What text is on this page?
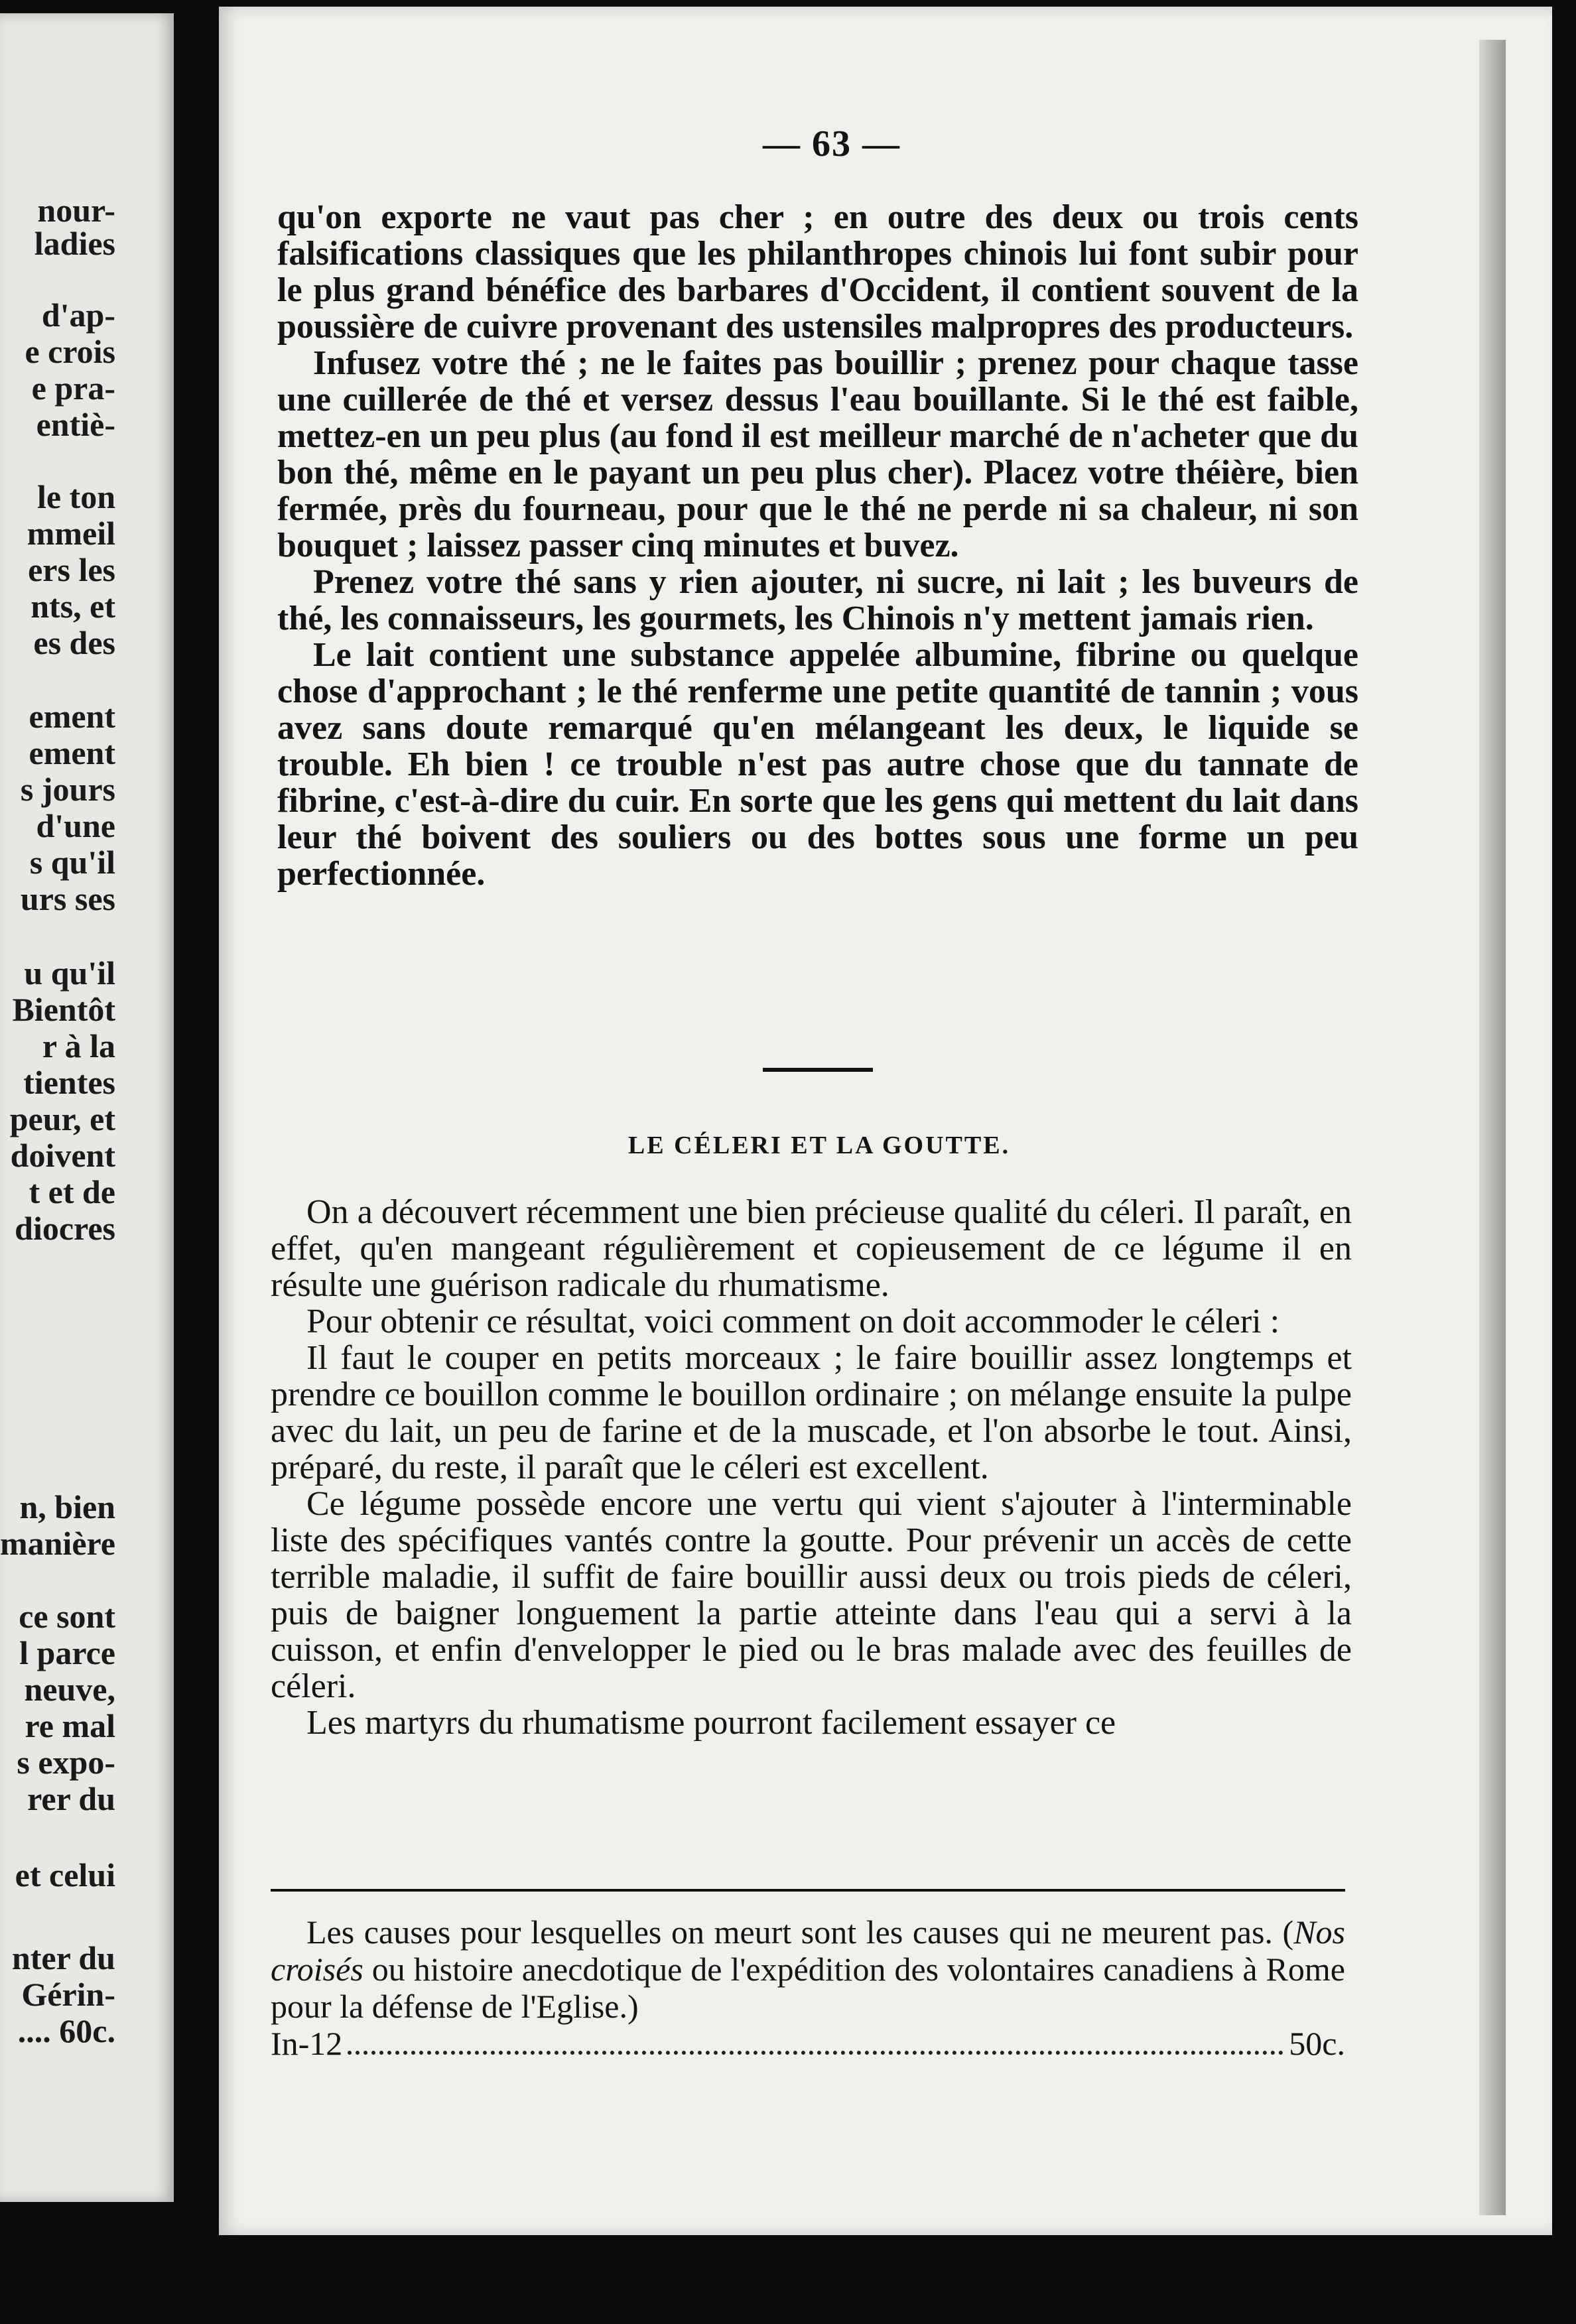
nour-
ladies
d'ap-
e crois
e pra-
entiè-
le ton
mmeil
ers les
nts, et
es des
ement
ement
s jours
d'une
s qu'il
urs ses
u qu'il
Bientôt
r à la
tientes
peur, et
doivent
t et de
diocres
n, bien
manière
ce sont
l parce
neuve,
re mal
s expo-
rer du
et celui
nter du
Gérin-
.... 60c.
— 63 —

qu'on exporte ne vaut pas cher ; en outre des deux ou trois cents falsifications classiques que les philanthropes chinois lui font subir pour le plus grand bénéfice des barbares d'Occident, il contient souvent de la poussière de cuivre provenant des ustensiles malpropres des producteurs.

Infusez votre thé ; ne le faites pas bouillir ; prenez pour chaque tasse une cuillerée de thé et versez dessus l'eau bouillante. Si le thé est faible, mettez-en un peu plus (au fond il est meilleur marché de n'acheter que du bon thé, même en le payant un peu plus cher). Placez votre théière, bien fermée, près du fourneau, pour que le thé ne perde ni sa chaleur, ni son bouquet ; laissez passer cinq minutes et buvez.

Prenez votre thé sans y rien ajouter, ni sucre, ni lait ; les buveurs de thé, les connaisseurs, les gourmets, les Chinois n'y mettent jamais rien.

Le lait contient une substance appelée albumine, fibrine ou quelque chose d'approchant ; le thé renferme une petite quantité de tannin ; vous avez sans doute remarqué qu'en mélangeant les deux, le liquide se trouble. Eh bien ! ce trouble n'est pas autre chose que du tannate de fibrine, c'est-à-dire du cuir. En sorte que les gens qui mettent du lait dans leur thé boivent des souliers ou des bottes sous une forme un peu perfectionnée.

LE CÉLERI ET LA GOUTTE.

On a découvert récemment une bien précieuse qualité du céleri. Il paraît, en effet, qu'en mangeant régulièrement et copieusement de ce légume il en résulte une guérison radicale du rhumatisme.

Pour obtenir ce résultat, voici comment on doit accommoder le céleri :

Il faut le couper en petits morceaux ; le faire bouillir assez longtemps et prendre ce bouillon comme le bouillon ordinaire ; on mélange ensuite la pulpe avec du lait, un peu de farine et de la muscade, et l'on absorbe le tout. Ainsi, préparé, du reste, il paraît que le céleri est excellent.

Ce légume possède encore une vertu qui vient s'ajouter à l'interminable liste des spécifiques vantés contre la goutte. Pour prévenir un accès de cette terrible maladie, il suffit de faire bouillir aussi deux ou trois pieds de céleri, puis de baigner longuement la partie atteinte dans l'eau qui a servi à la cuisson, et enfin d'envelopper le pied ou le bras malade avec des feuilles de céleri.

Les martyrs du rhumatisme pourront facilement essayer ce

Les causes pour lesquelles on meurt sont les causes qui ne meurent pas. (Nos croisés ou histoire anecdotique de l'expédition des volontaires canadiens à Rome pour la défense de l'Eglise.)
In-12	50c.
